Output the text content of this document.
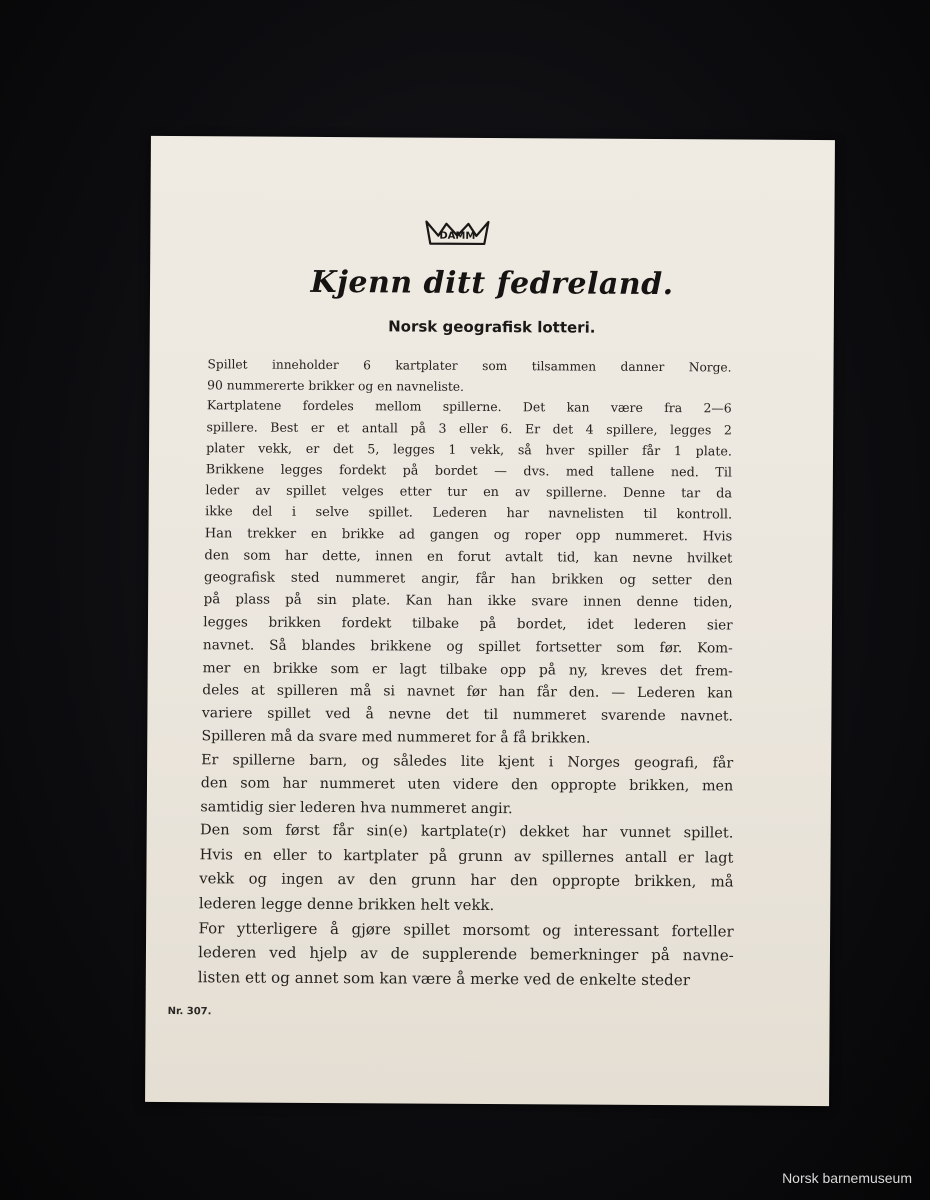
DAMM
Kjenn ditt fedreland.
Norsk geografisk lotteri.
Spillet inneholder 6 kartplater som tilsammen danner Norge.
90 nummererte brikker og en navneliste.
Kartplatene fordeles mellom spillerne. Det kan være fra 2—6
spillere. Best er et antall på 3 eller 6. Er det 4 spillere, legges 2
plater vekk, er det 5, legges 1 vekk, så hver spiller får 1 plate.
Brikkene legges fordekt på bordet — dvs. med tallene ned. Til
leder av spillet velges etter tur en av spillerne. Denne tar da
ikke del i selve spillet. Lederen har navnelisten til kontroll.
Han trekker en brikke ad gangen og roper opp nummeret. Hvis
den som har dette, innen en forut avtalt tid, kan nevne hvilket
geografisk sted nummeret angir, får han brikken og setter den
på plass på sin plate. Kan han ikke svare innen denne tiden,
legges brikken fordekt tilbake på bordet, idet lederen sier
navnet. Så blandes brikkene og spillet fortsetter som før. Kom-
mer en brikke som er lagt tilbake opp på ny, kreves det frem-
deles at spilleren må si navnet før han får den. — Lederen kan
variere spillet ved å nevne det til nummeret svarende navnet.
Spilleren må da svare med nummeret for å få brikken.
Er spillerne barn, og således lite kjent i Norges geografi, får
den som har nummeret uten videre den oppropte brikken, men
samtidig sier lederen hva nummeret angir.
Den som først får sin(e) kartplate(r) dekket har vunnet spillet.
Hvis en eller to kartplater på grunn av spillernes antall er lagt
vekk og ingen av den grunn har den oppropte brikken, må
lederen legge denne brikken helt vekk.
For ytterligere å gjøre spillet morsomt og interessant forteller
lederen ved hjelp av de supplerende bemerkninger på navne-
listen ett og annet som kan være å merke ved de enkelte steder
Nr. 307.
Norsk barnemuseum
